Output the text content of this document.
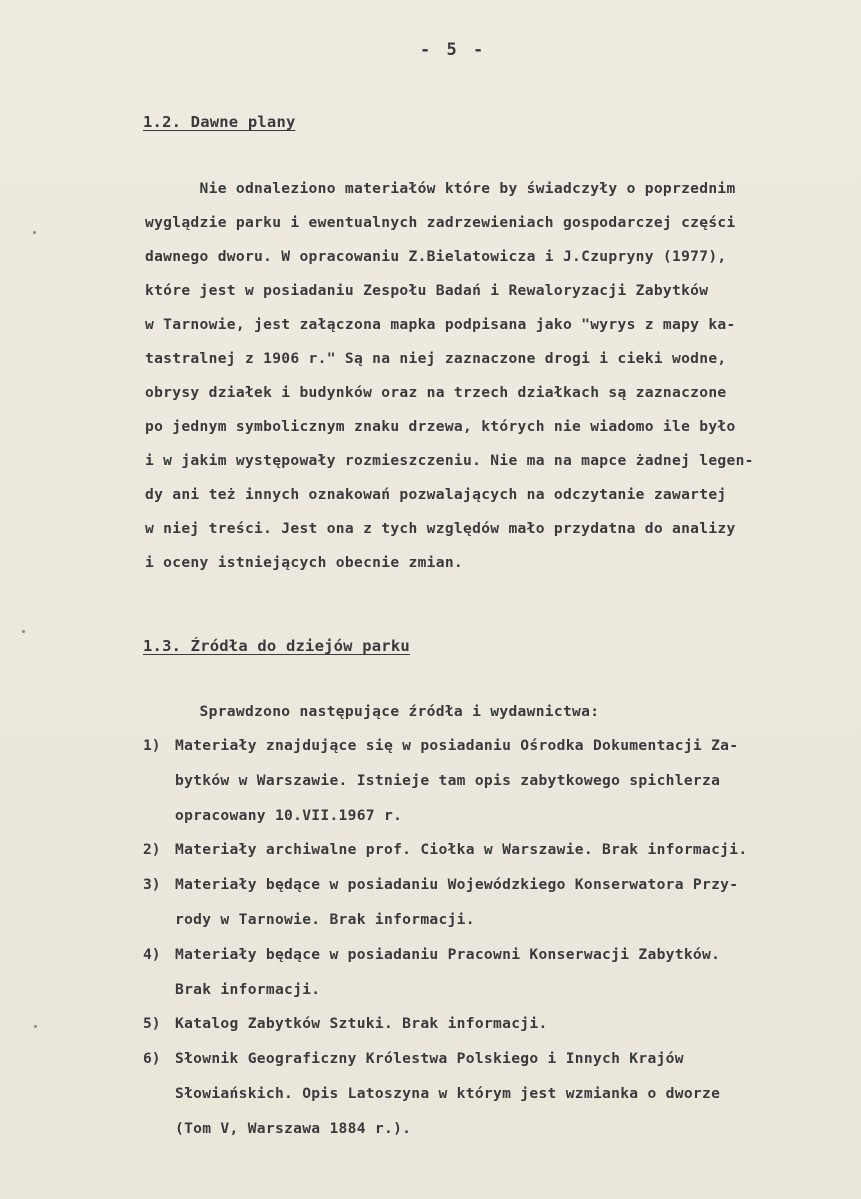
- 5 -
1.2. Dawne plany
Nie odnaleziono materiałów które by świadczyły o poprzednim
wyglądzie parku i ewentualnych zadrzewieniach gospodarczej części
dawnego dworu. W opracowaniu Z.Bielatowicza i J.Czupryny (1977),
które jest w posiadaniu Zespołu Badań i Rewaloryzacji Zabytków
w Tarnowie, jest załączona mapka podpisana jako "wyrys z mapy ka-
tastralnej z 1906 r." Są na niej zaznaczone drogi i cieki wodne,
obrysy działek i budynków oraz na trzech działkach są zaznaczone
po jednym symbolicznym znaku drzewa, których nie wiadomo ile było
i w jakim występowały rozmieszczeniu. Nie ma na mapce żadnej legen-
dy ani też innych oznakowań pozwalających na odczytanie zawartej
w niej treści. Jest ona z tych względów mało przydatna do analizy
i oceny istniejących obecnie zmian.
1.3. Źródła do dziejów parku
Sprawdzono następujące źródła i wydawnictwa:
1) Materiały znajdujące się w posiadaniu Ośrodka Dokumentacji Za-
bytków w Warszawie. Istnieje tam opis zabytkowego spichlerza
opracowany 10.VII.1967 r.
2) Materiały archiwalne prof. Ciołka w Warszawie. Brak informacji.
3) Materiały będące w posiadaniu Wojewódzkiego Konserwatora Przy-
rody w Tarnowie. Brak informacji.
4) Materiały będące w posiadaniu Pracowni Konserwacji Zabytków.
Brak informacji.
5) Katalog Zabytków Sztuki. Brak informacji.
6) Słownik Geograficzny Królestwa Polskiego i Innych Krajów
Słowiańskich. Opis Latoszyna w którym jest wzmianka o dworze
(Tom V, Warszawa 1884 r.).
